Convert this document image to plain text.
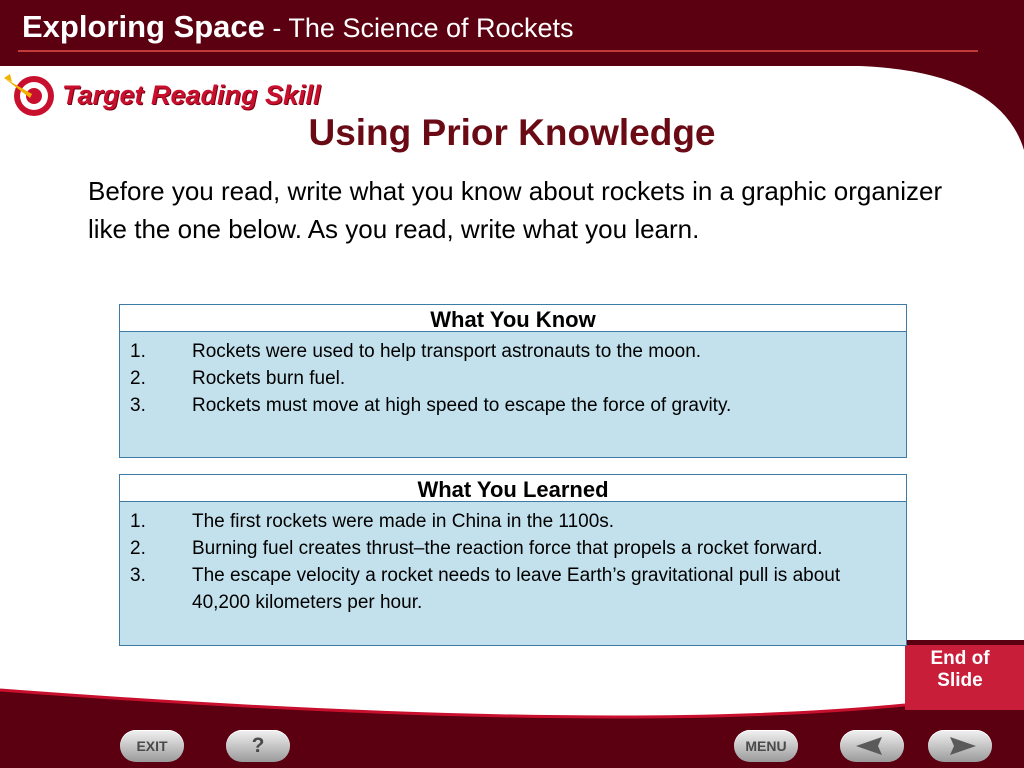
Exploring Space - The Science of Rockets
Target Reading Skill
Using Prior Knowledge
Before you read, write what you know about rockets in a graphic organizer like the one below. As you read, write what you learn.
What You Know
1.	Rockets were used to help transport astronauts to the moon.
2.	Rockets burn fuel.
3.	Rockets must move at high speed to escape the force of gravity.
What You Learned
1.	The first rockets were made in China in the 1100s.
2.	Burning fuel creates thrust–the reaction force that propels a rocket forward.
3.	The escape velocity a rocket needs to leave Earth’s gravitational pull is about 40,200 kilometers per hour.
End of
Slide
EXIT	?	MENU
